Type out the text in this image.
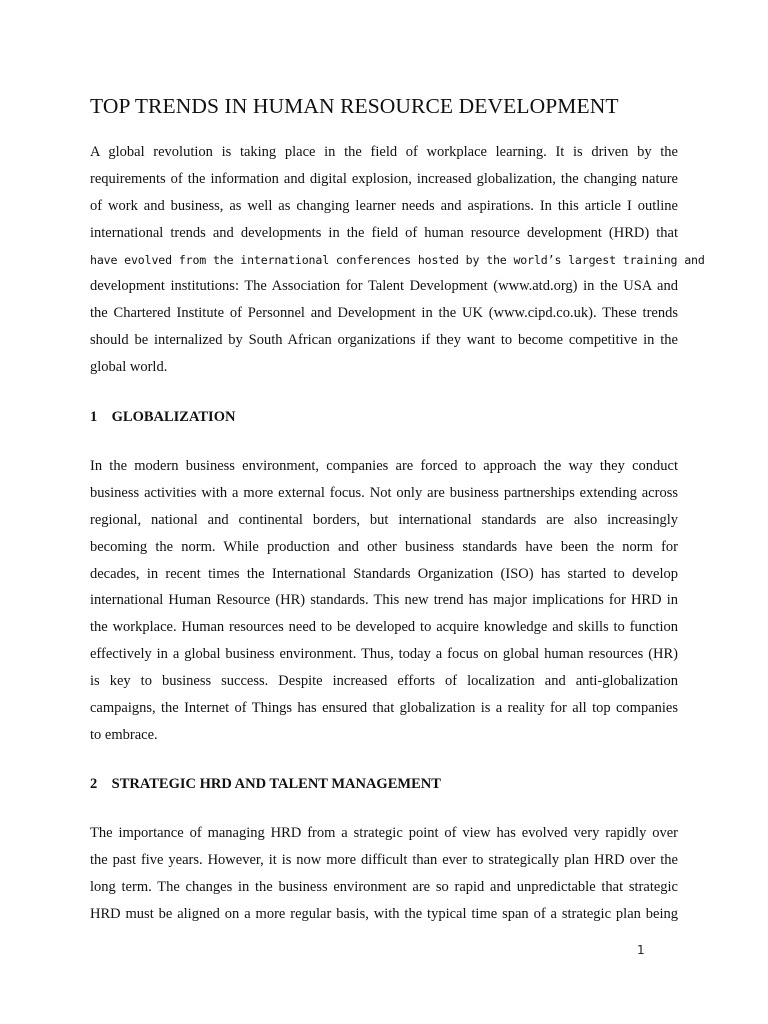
TOP TRENDS IN HUMAN RESOURCE DEVELOPMENT
A global revolution is taking place in the field of workplace learning. It is driven by the
requirements of the information and digital explosion, increased globalization, the changing nature
of work and business, as well as changing learner needs and aspirations. In this article I outline
international trends and developments in the field of human resource development (HRD) that
have evolved from the international conferences hosted by the world’s largest training and
development institutions: The Association for Talent Development (www.atd.org) in the USA and
the Chartered Institute of Personnel and Development in the UK (www.cipd.co.uk). These trends
should be internalized by South African organizations if they want to become competitive in the
global world.
1 GLOBALIZATION
In the modern business environment, companies are forced to approach the way they conduct
business activities with a more external focus. Not only are business partnerships extending across
regional, national and continental borders, but international standards are also increasingly
becoming the norm. While production and other business standards have been the norm for
decades, in recent times the International Standards Organization (ISO) has started to develop
international Human Resource (HR) standards. This new trend has major implications for HRD in
the workplace. Human resources need to be developed to acquire knowledge and skills to function
effectively in a global business environment. Thus, today a focus on global human resources (HR)
is key to business success. Despite increased efforts of localization and anti-globalization
campaigns, the Internet of Things has ensured that globalization is a reality for all top companies
to embrace.
2 STRATEGIC HRD AND TALENT MANAGEMENT
The importance of managing HRD from a strategic point of view has evolved very rapidly over
the past five years. However, it is now more difficult than ever to strategically plan HRD over the
long term. The changes in the business environment are so rapid and unpredictable that strategic
HRD must be aligned on a more regular basis, with the typical time span of a strategic plan being

1
